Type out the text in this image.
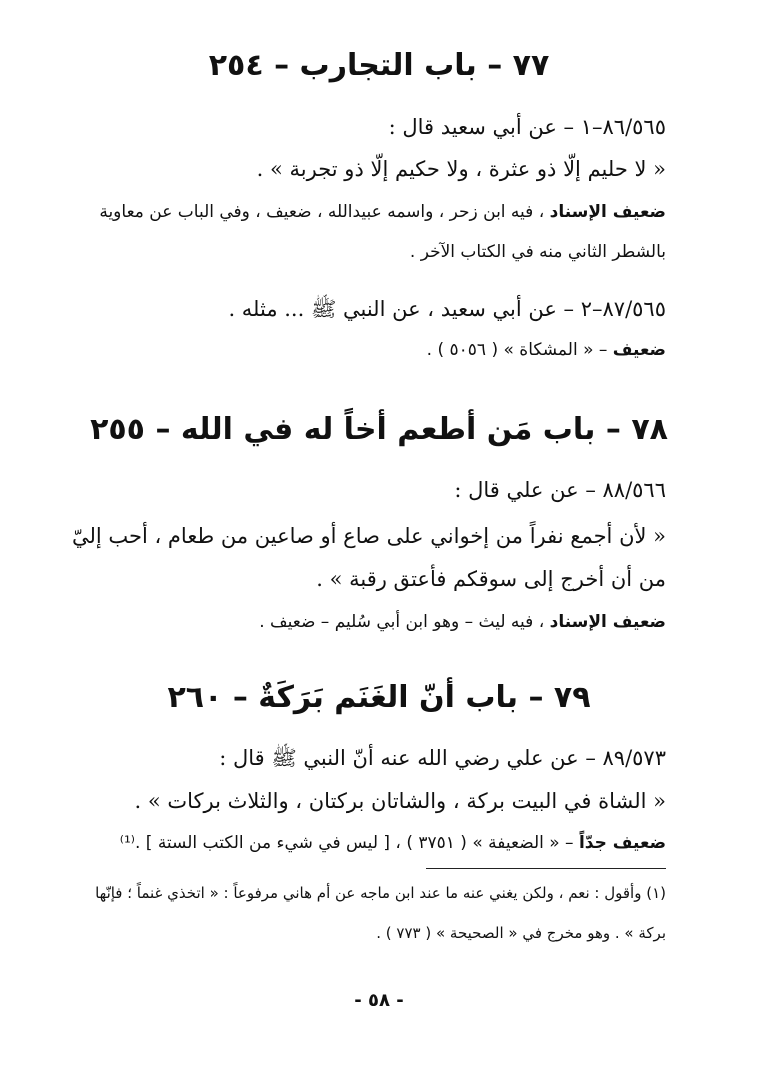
٧٧ – باب التجارب – ٢٥٤
٨٦/٥٦٥–١ – عن أبي سعيد قال :
« لا حليم إلّا ذو عثرة ، ولا حكيم إلّا ذو تجربة » .
ضعيف الإسناد ، فيه ابن زحر ، واسمه عبيدالله ، ضعيف ، وفي الباب عن معاوية
بالشطر الثاني منه في الكتاب الآخر .
٨٧/٥٦٥–٢ – عن أبي سعيد ، عن النبي ﷺ ... مثله .
ضعيف – « المشكاة » ( ٥٠٥٦ ) .
٧٨ – باب مَن أطعم أخاً له في الله – ٢٥٥
٨٨/٥٦٦ – عن علي قال :
« لأن أجمع نفراً من إخواني على صاع أو صاعين من طعام ، أحب إليّ
من أن أخرج إلى سوقكم فأعتق رقبة » .
ضعيف الإسناد ، فيه ليث – وهو ابن أبي سُليم – ضعيف .
٧٩ – باب أنّ الغَنَم بَرَكَةٌ – ٢٦٠
٨٩/٥٧٣ – عن علي رضي الله عنه أنّ النبي ﷺ قال :
« الشاة في البيت بركة ، والشاتان بركتان ، والثلاث بركات » .
ضعيف جدّاً – « الضعيفة » ( ٣٧٥١ ) ، [ ليس في شيء من الكتب الستة ] .⁽¹⁾
(١) وأقول : نعم ، ولكن يغني عنه ما عند ابن ماجه عن أم هاني مرفوعاً : « اتخذي غنماً ؛ فإنّها
بركة » . وهو مخرج في « الصحيحة » ( ٧٧٣ ) .
- ٥٨ -
